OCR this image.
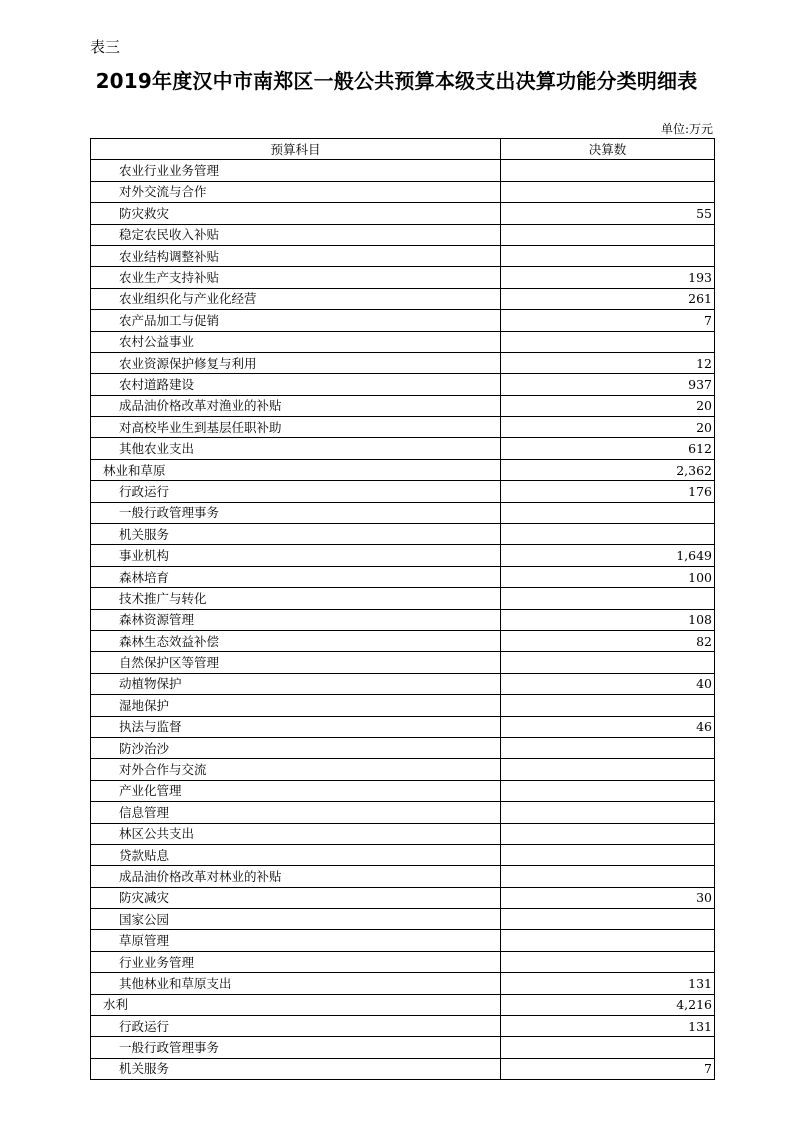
表三
2019年度汉中市南郑区一般公共预算本级支出决算功能分类明细表
单位:万元
预算科目	决算数
农业行业业务管理	
对外交流与合作	
防灾救灾	55
稳定农民收入补贴	
农业结构调整补贴	
农业生产支持补贴	193
农业组织化与产业化经营	261
农产品加工与促销	7
农村公益事业	
农业资源保护修复与利用	12
农村道路建设	937
成品油价格改革对渔业的补贴	20
对高校毕业生到基层任职补助	20
其他农业支出	612
林业和草原	2,362
行政运行	176
一般行政管理事务	
机关服务	
事业机构	1,649
森林培育	100
技术推广与转化	
森林资源管理	108
森林生态效益补偿	82
自然保护区等管理	
动植物保护	40
湿地保护	
执法与监督	46
防沙治沙	
对外合作与交流	
产业化管理	
信息管理	
林区公共支出	
贷款贴息	
成品油价格改革对林业的补贴	
防灾减灾	30
国家公园	
草原管理	
行业业务管理	
其他林业和草原支出	131
水利	4,216
行政运行	131
一般行政管理事务	
机关服务	7
